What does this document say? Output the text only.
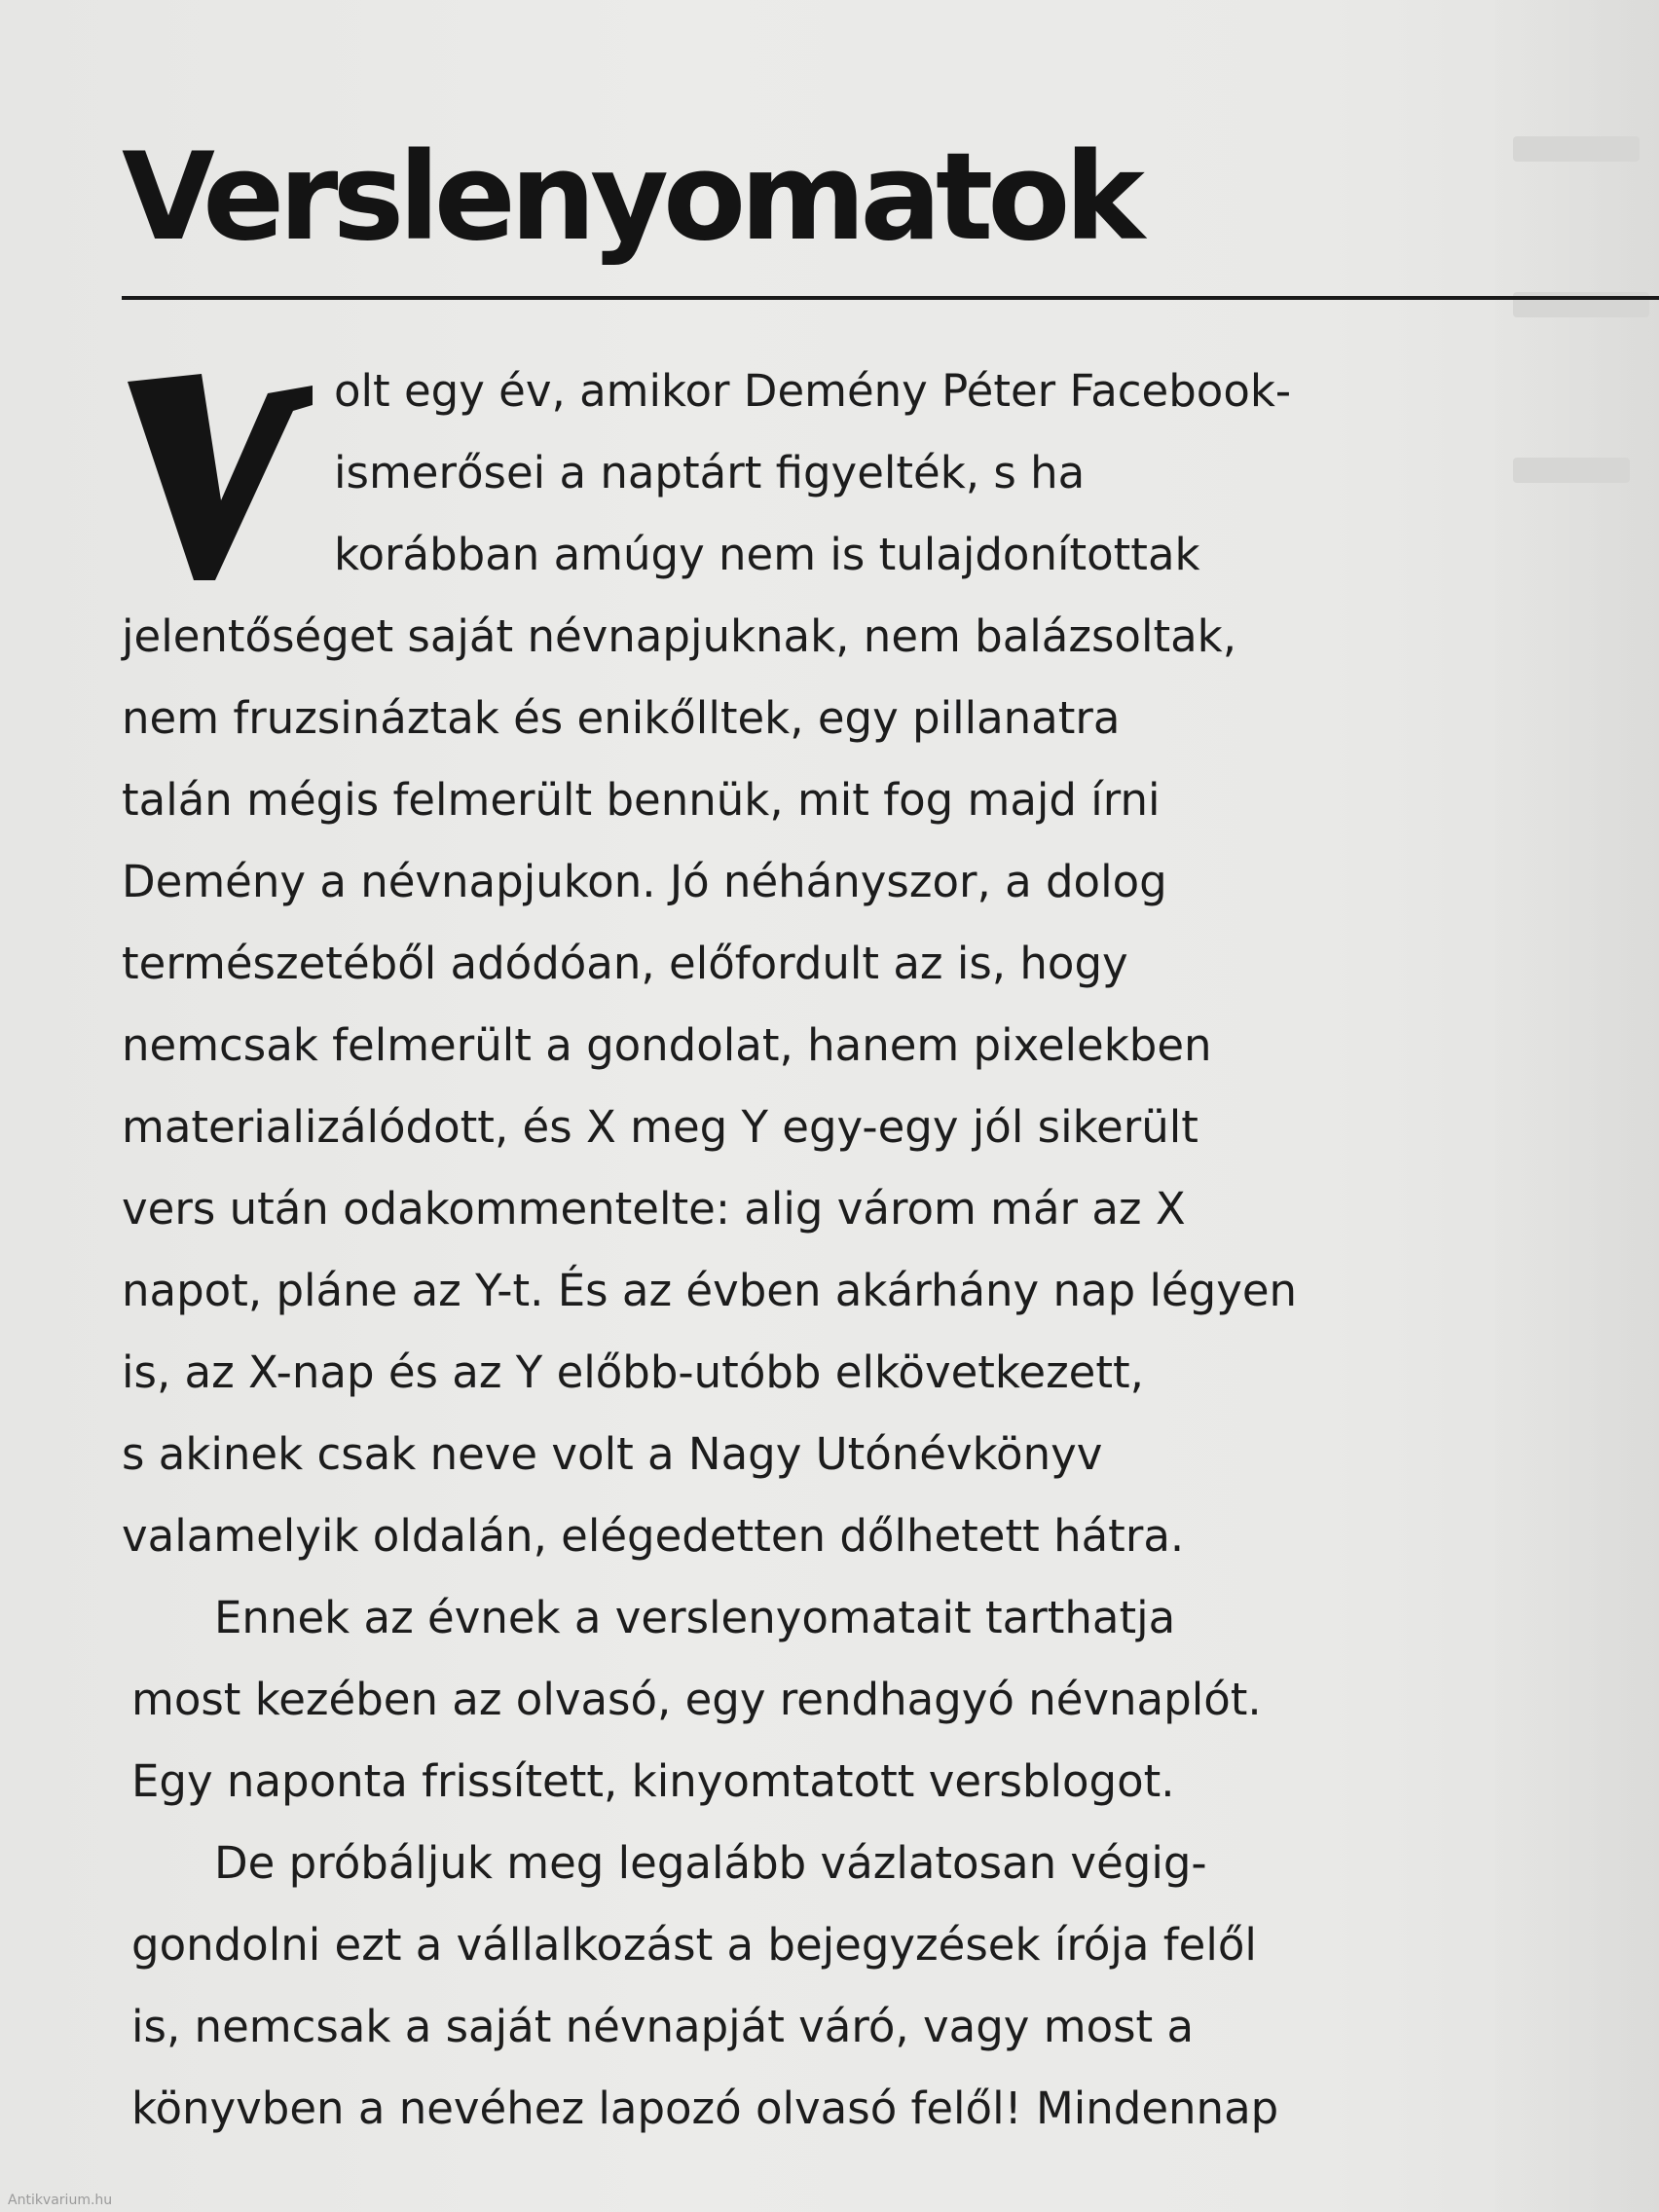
Verslenyomatok
olt egy év, amikor Demény Péter Facebook-
ismerősei a naptárt figyelték, s ha
korábban amúgy nem is tulajdonítottak
jelentőséget saját névnapjuknak, nem balázsoltak,
nem fruzsináztak és enikőlltek, egy pillanatra
talán mégis felmerült bennük, mit fog majd írni
Demény a névnapjukon. Jó néhányszor, a dolog
természetéből adódóan, előfordult az is, hogy
nemcsak felmerült a gondolat, hanem pixelekben
materializálódott, és X meg Y egy-egy jól sikerült
vers után odakommentelte: alig várom már az X
napot, pláne az Y-t. És az évben akárhány nap légyen
is, az X-nap és az Y előbb-utóbb elkövetkezett,
s akinek csak neve volt a Nagy Utónévkönyv
valamelyik oldalán, elégedetten dőlhetett hátra.
Ennek az évnek a verslenyomatait tarthatja
most kezében az olvasó, egy rendhagyó névnaplót.
Egy naponta frissített, kinyomtatott versblogot.
De próbáljuk meg legalább vázlatosan végig-
gondolni ezt a vállalkozást a bejegyzések írója felől
is, nemcsak a saját névnapját váró, vagy most a
könyvben a nevéhez lapozó olvasó felől! Mindennap
Antikvarium.hu
